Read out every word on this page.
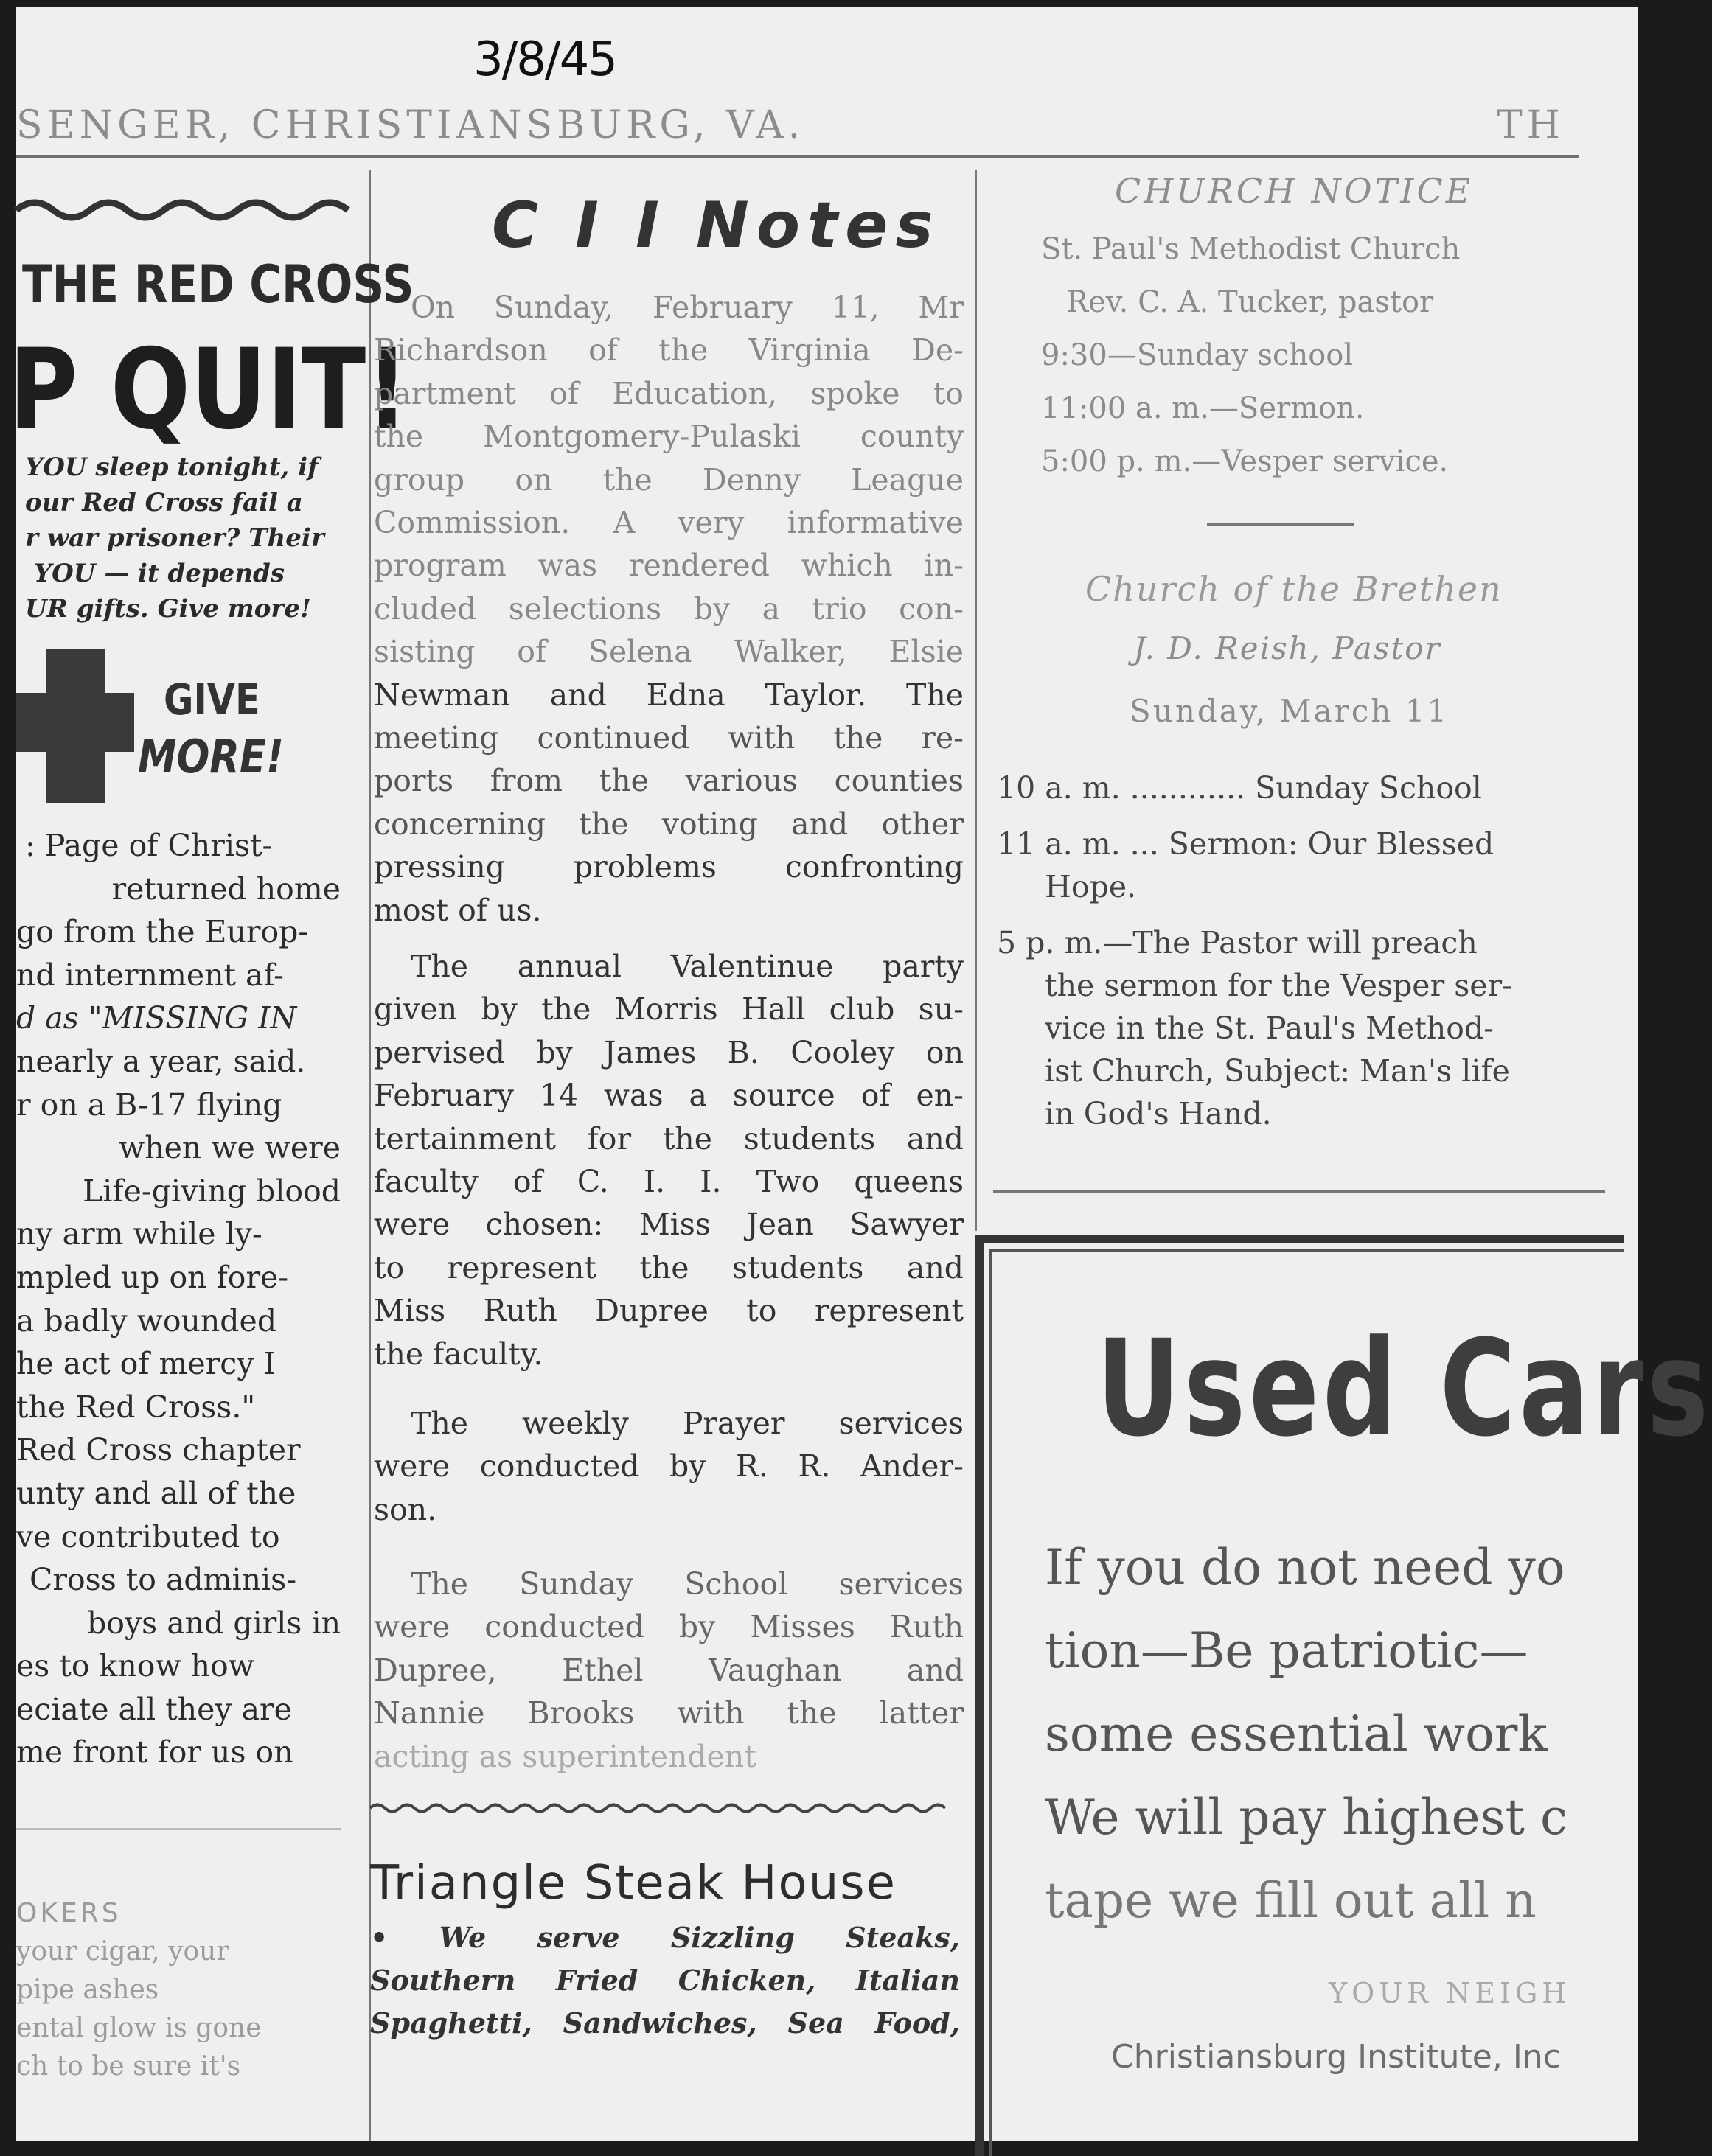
3/8/45
SENGER, CHRISTIANSBURG, VA.	TH
THE RED CROSS
P QUIT!
YOU sleep tonight, if
our Red Cross fail a
r war prisoner? Their
YOU — it depends
UR gifts. Give more!
GIVE
MORE!
: Page of Christ-
returned home
go from the Europ-
nd internment af-
d as "MISSING IN
nearly a year, said.
r on a B-17 flying
when we were
Life-giving blood
ny arm while ly-
mpled up on fore-
a badly wounded
he act of mercy I
the Red Cross."
Red Cross chapter
unty and all of the
ve contributed to
Cross to adminis-
boys and girls in
es to know how
eciate all they are
me front for us on
OKERS
your cigar, your
pipe ashes
ental glow is gone
ch to be sure it's
C I I Notes
On Sunday, February 11, Mr
Richardson of the Virginia De-
partment of Education, spoke to
the Montgomery-Pulaski county
group on the Denny League
Commission. A very informative
program was rendered which in-
cluded selections by a trio con-
sisting of Selena Walker, Elsie
Newman and Edna Taylor. The
meeting continued with the re-
ports from the various counties
concerning the voting and other
pressing problems confronting
most of us.
The annual Valentinue party
given by the Morris Hall club su-
pervised by James B. Cooley on
February 14 was a source of en-
tertainment for the students and
faculty of C. I. I. Two queens
were chosen: Miss Jean Sawyer
to represent the students and
Miss Ruth Dupree to represent
the faculty.
The weekly Prayer services
were conducted by R. R. Ander-
son.
The Sunday School services
were conducted by Misses Ruth
Dupree, Ethel Vaughan and
Nannie Brooks with the latter
acting as superintendent
Triangle Steak House
• We serve Sizzling Steaks,
Southern Fried Chicken, Italian
Spaghetti, Sandwiches, Sea Food,
CHURCH NOTICE
St. Paul's Methodist Church
Rev. C. A. Tucker, pastor
9:30—Sunday school
11:00 a. m.—Sermon.
5:00 p. m.—Vesper service.
Church of the Brethen
J. D. Reish, Pastor
Sunday, March 11
10 a. m. ............ Sunday School
11 a. m. ... Sermon: Our Blessed
Hope.
5 p. m.—The Pastor will preach
the sermon for the Vesper ser-
vice in the St. Paul's Method-
ist Church, Subject: Man's life
in God's Hand.
Used Cars
If you do not need yo
tion—Be patriotic—
some essential work
We will pay highest c
tape we fill out all n
YOUR NEIGH
Christiansburg Institute, Inc
